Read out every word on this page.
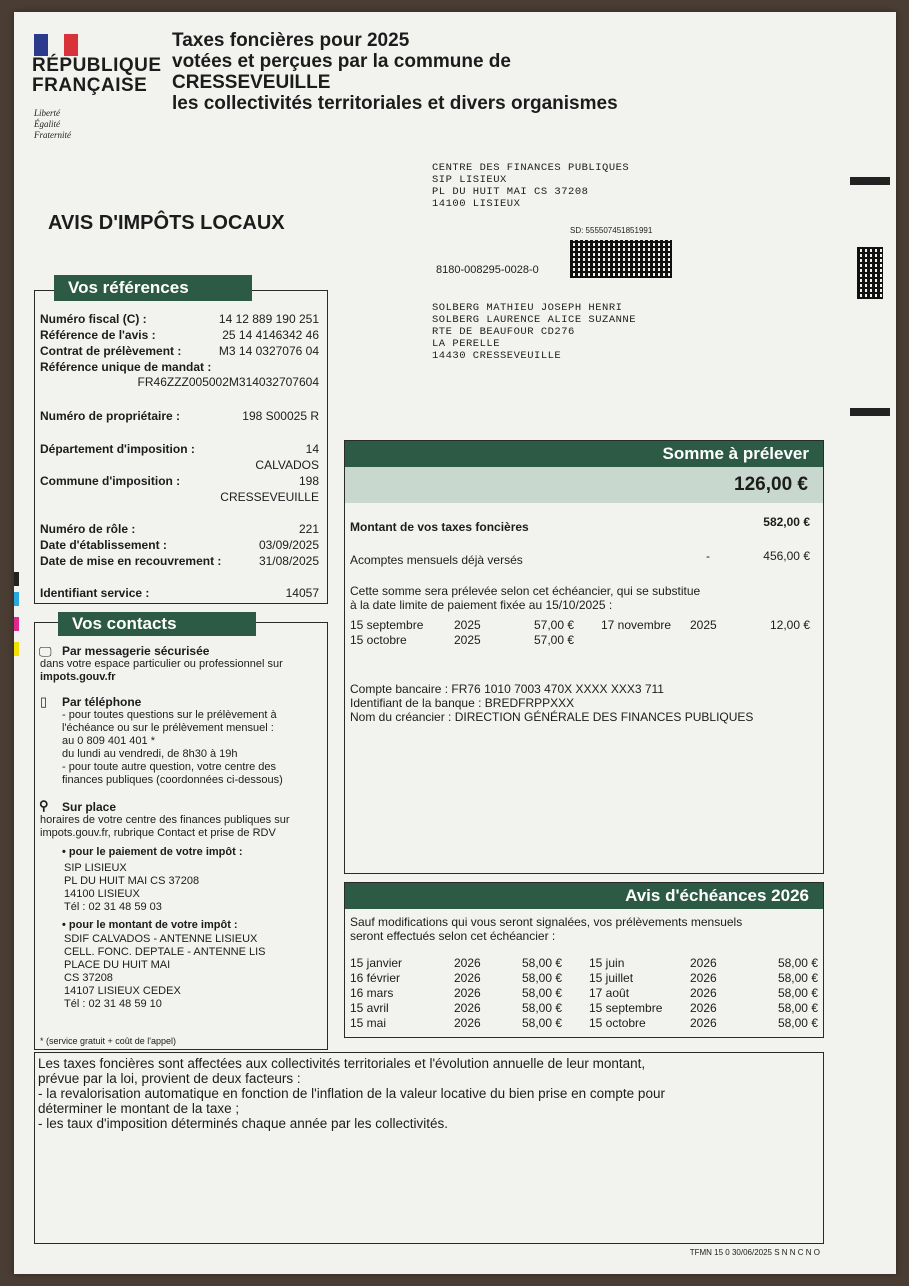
RÉPUBLIQUE
FRANÇAISE
Liberté
Égalité
Fraternité
Taxes foncières pour 2025
votées et perçues par la commune de
CRESSEVEUILLE
les collectivités territoriales et divers organismes
CENTRE DES FINANCES PUBLIQUES
SIP LISIEUX
PL DU HUIT MAI CS 37208
14100 LISIEUX
AVIS D'IMPÔTS LOCAUX	SD: 555507451851991
8180-008295-0028-0
SOLBERG MATHIEU JOSEPH HENRI
SOLBERG LAURENCE ALICE SUZANNE
RTE DE BEAUFOUR CD276
LA PERELLE
14430 CRESSEVEUILLE
Vos références
Numéro fiscal (C) :	14 12 889 190 251
Référence de l'avis :	25 14 4146342 46
Contrat de prélèvement :	M3 14 0327076 04
Référence unique de mandat :
FR46ZZZ005002M314032707604
Numéro de propriétaire :	198 S00025 R
Département d'imposition :	14
CALVADOS
Commune d'imposition :	198
CRESSEVEUILLE
Numéro de rôle :	221
Date d'établissement :	03/09/2025
Date de mise en recouvrement :	31/08/2025
Identifiant service :	14057
Vos contacts
🖵 Par messagerie sécurisée
dans votre espace particulier ou professionnel sur
impots.gouv.fr
▯ Par téléphone
- pour toutes questions sur le prélèvement à
l'échéance ou sur le prélèvement mensuel :
au 0 809 401 401 *
du lundi au vendredi, de 8h30 à 19h
- pour toute autre question, votre centre des
finances publiques (coordonnées ci-dessous)
⚲ Sur place
horaires de votre centre des finances publiques sur
impots.gouv.fr, rubrique Contact et prise de RDV
• pour le paiement de votre impôt :
SIP LISIEUX
PL DU HUIT MAI CS 37208
14100 LISIEUX
Tél : 02 31 48 59 03
• pour le montant de votre impôt :
SDIF CALVADOS - ANTENNE LISIEUX
CELL. FONC. DEPTALE - ANTENNE LIS
PLACE DU HUIT MAI
CS 37208
14107 LISIEUX CEDEX
Tél : 02 31 48 59 10
* (service gratuit + coût de l'appel)
Somme à prélever
126,00 €
Montant de vos taxes foncières	582,00 €
Acomptes mensuels déjà versés	-	456,00 €
Cette somme sera prélevée selon cet échéancier, qui se substitue
à la date limite de paiement fixée au 15/10/2025 :
15 septembre	2025	57,00 € 17 novembre 2025	12,00 €
15 octobre	2025	57,00 €
Compte bancaire : FR76 1010 7003 470X XXXX XXX3 711
Identifiant de la banque : BREDFRPPXXX
Nom du créancier : DIRECTION GÉNÉRALE DES FINANCES PUBLIQUES
Avis d'échéances 2026
Sauf modifications qui vous seront signalées, vos prélèvements mensuels
seront effectués selon cet échéancier :
15 janvier	2026	58,00 € 15 juin	2026	58,00 €
16 février	2026	58,00 € 15 juillet	2026	58,00 €
16 mars	2026	58,00 € 17 août	2026	58,00 €
15 avril	2026	58,00 € 15 septembre 2026	58,00 €
15 mai	2026	58,00 € 15 octobre	2026	58,00 €
Les taxes foncières sont affectées aux collectivités territoriales et l'évolution annuelle de leur montant,
prévue par la loi, provient de deux facteurs :
- la revalorisation automatique en fonction de l'inflation de la valeur locative du bien prise en compte pour
déterminer le montant de la taxe ;
- les taux d'imposition déterminés chaque année par les collectivités.
TFMN 15 0 30/06/2025 S N N C N O
